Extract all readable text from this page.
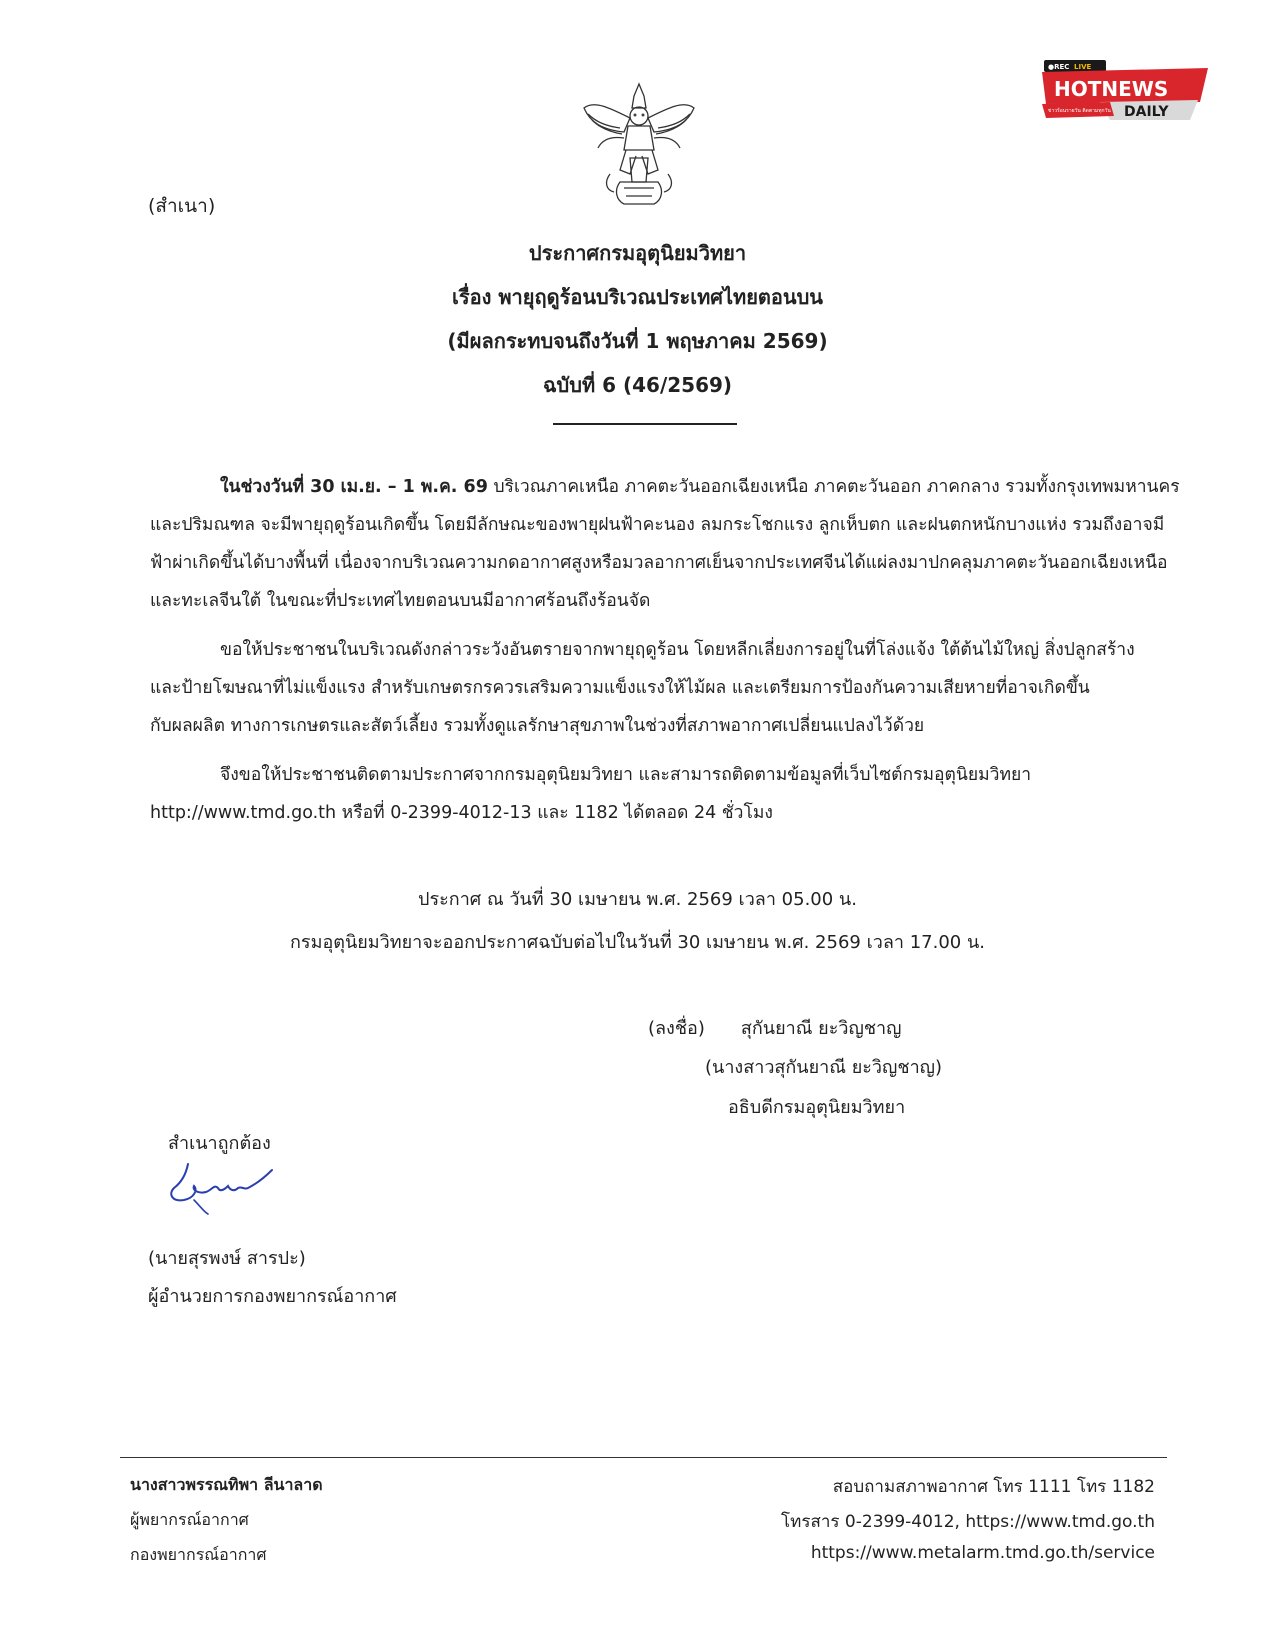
●REC LIVE
HOTNEWS
DAILY
ข่าวร้อนรายวัน ติดตามทุกวัน
(สำเนา)
ประกาศกรมอุตุนิยมวิทยา
เรื่อง พายุฤดูร้อนบริเวณประเทศไทยตอนบน
(มีผลกระทบจนถึงวันที่ 1 พฤษภาคม 2569)
ฉบับที่ 6 (46/2569)
ในช่วงวันที่ 30 เม.ย. – 1 พ.ค. 69 บริเวณภาคเหนือ ภาคตะวันออกเฉียงเหนือ ภาคตะวันออก ภาคกลาง รวมทั้งกรุงเทพมหานคร
และปริมณฑล จะมีพายุฤดูร้อนเกิดขึ้น โดยมีลักษณะของพายุฝนฟ้าคะนอง ลมกระโชกแรง ลูกเห็บตก และฝนตกหนักบางแห่ง รวมถึงอาจมี
ฟ้าผ่าเกิดขึ้นได้บางพื้นที่ เนื่องจากบริเวณความกดอากาศสูงหรือมวลอากาศเย็นจากประเทศจีนได้แผ่ลงมาปกคลุมภาคตะวันออกเฉียงเหนือ
และทะเลจีนใต้ ในขณะที่ประเทศไทยตอนบนมีอากาศร้อนถึงร้อนจัด
ขอให้ประชาชนในบริเวณดังกล่าวระวังอันตรายจากพายุฤดูร้อน โดยหลีกเลี่ยงการอยู่ในที่โล่งแจ้ง ใต้ต้นไม้ใหญ่ สิ่งปลูกสร้าง
และป้ายโฆษณาที่ไม่แข็งแรง สำหรับเกษตรกรควรเสริมความแข็งแรงให้ไม้ผล และเตรียมการป้องกันความเสียหายที่อาจเกิดขึ้น
กับผลผลิต ทางการเกษตรและสัตว์เลี้ยง รวมทั้งดูแลรักษาสุขภาพในช่วงที่สภาพอากาศเปลี่ยนแปลงไว้ด้วย
จึงขอให้ประชาชนติดตามประกาศจากกรมอุตุนิยมวิทยา และสามารถติดตามข้อมูลที่เว็บไซต์กรมอุตุนิยมวิทยา
http://www.tmd.go.th หรือที่ 0-2399-4012-13 และ 1182 ได้ตลอด 24 ชั่วโมง
ประกาศ ณ วันที่ 30 เมษายน พ.ศ. 2569 เวลา 05.00 น.
กรมอุตุนิยมวิทยาจะออกประกาศฉบับต่อไปในวันที่ 30 เมษายน พ.ศ. 2569 เวลา 17.00 น.
(ลงชื่อ) สุกันยาณี ยะวิญชาญ
(นางสาวสุกันยาณี ยะวิญชาญ)
อธิบดีกรมอุตุนิยมวิทยา
สำเนาถูกต้อง
(นายสุรพงษ์ สารปะ)
ผู้อำนวยการกองพยากรณ์อากาศ
นางสาวพรรณทิพา ลีนาลาด
ผู้พยากรณ์อากาศ
กองพยากรณ์อากาศ
สอบถามสภาพอากาศ โทร 1111 โทร 1182
โทรสาร 0-2399-4012, https://www.tmd.go.th
https://www.metalarm.tmd.go.th/service
